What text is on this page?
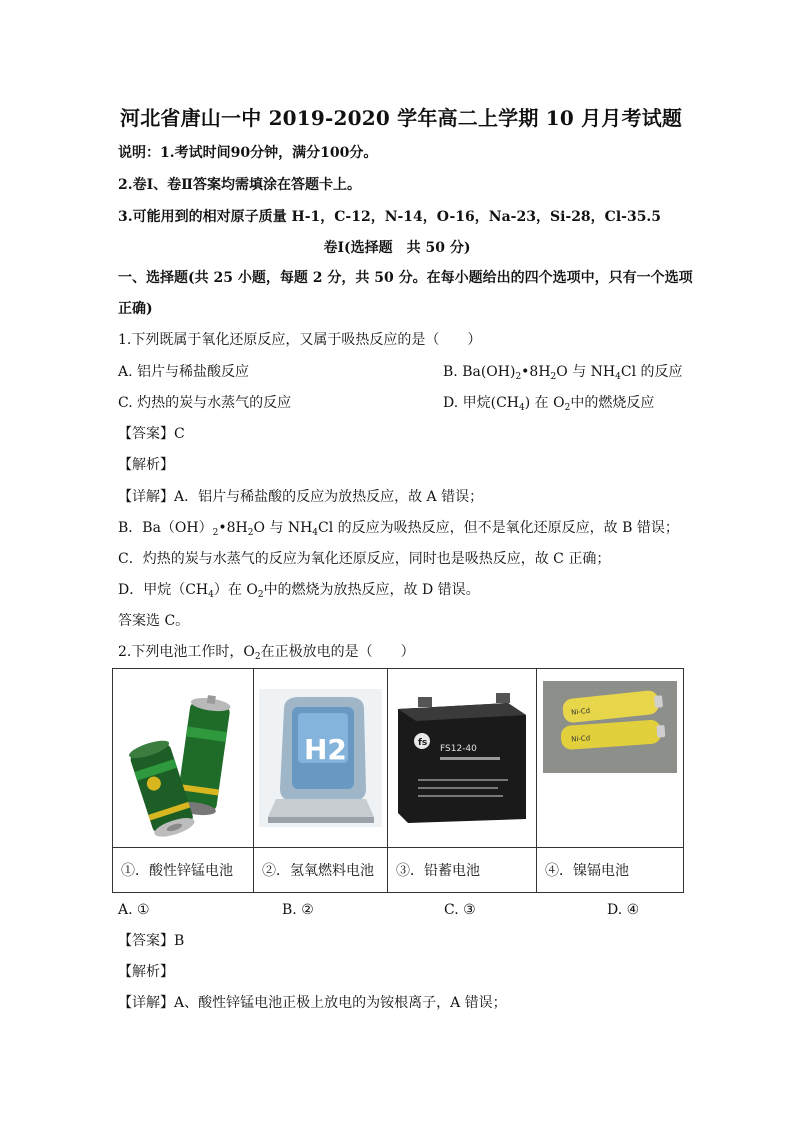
河北省唐山一中 2019-2020 学年高二上学期 10 月月考试题
说明：1.考试时间90分钟，满分100分。
2.卷Ⅰ、卷Ⅱ答案均需填涂在答题卡上。
3.可能用到的相对原子质量 H-1，C-12，N-14，O-16，Na-23，Si-28，Cl-35.5
卷Ⅰ(选择题　共 50 分)
一、选择题(共 25 小题，每题 2 分，共 50 分。在每小题给出的四个选项中，只有一个选项
正确)
1.下列既属于氧化还原反应，又属于吸热反应的是（　　）
A. 铝片与稀盐酸反应	B. $Ba(OH)_2•8H_2O$ 与 $NH_4Cl$ 的反应
C. 灼热的炭与水蒸气的反应	D. 甲烷$(CH_4)$ 在 $O_2$中的燃烧反应
【答案】C
【解析】
【详解】A．铝片与稀盐酸的反应为放热反应，故 A 错误；
B．$Ba(OH)_2•8H_2O$ 与 $NH_4Cl$ 的反应为吸热反应，但不是氧化还原反应，故 B 错误；
C．灼热的炭与水蒸气的反应为氧化还原反应，同时也是吸热反应，故 C 正确；
D．甲烷$(CH_4)$在 $O_2$中的燃烧为放热反应，故 D 错误。
答案选 C。
2.下列电池工作时，$O_2$在正极放电的是（　　）

H2	fs
FS12-40	Ni-Cd
Ni-Cd

①．酸性锌锰电池	②．氢氧燃料电池	③．铅蓄电池	④．镍镉电池
A. ①	B. ②	C. ③	D. ④
【答案】B
【解析】
【详解】A、酸性锌锰电池正极上放电的为铵根离子，A 错误；
